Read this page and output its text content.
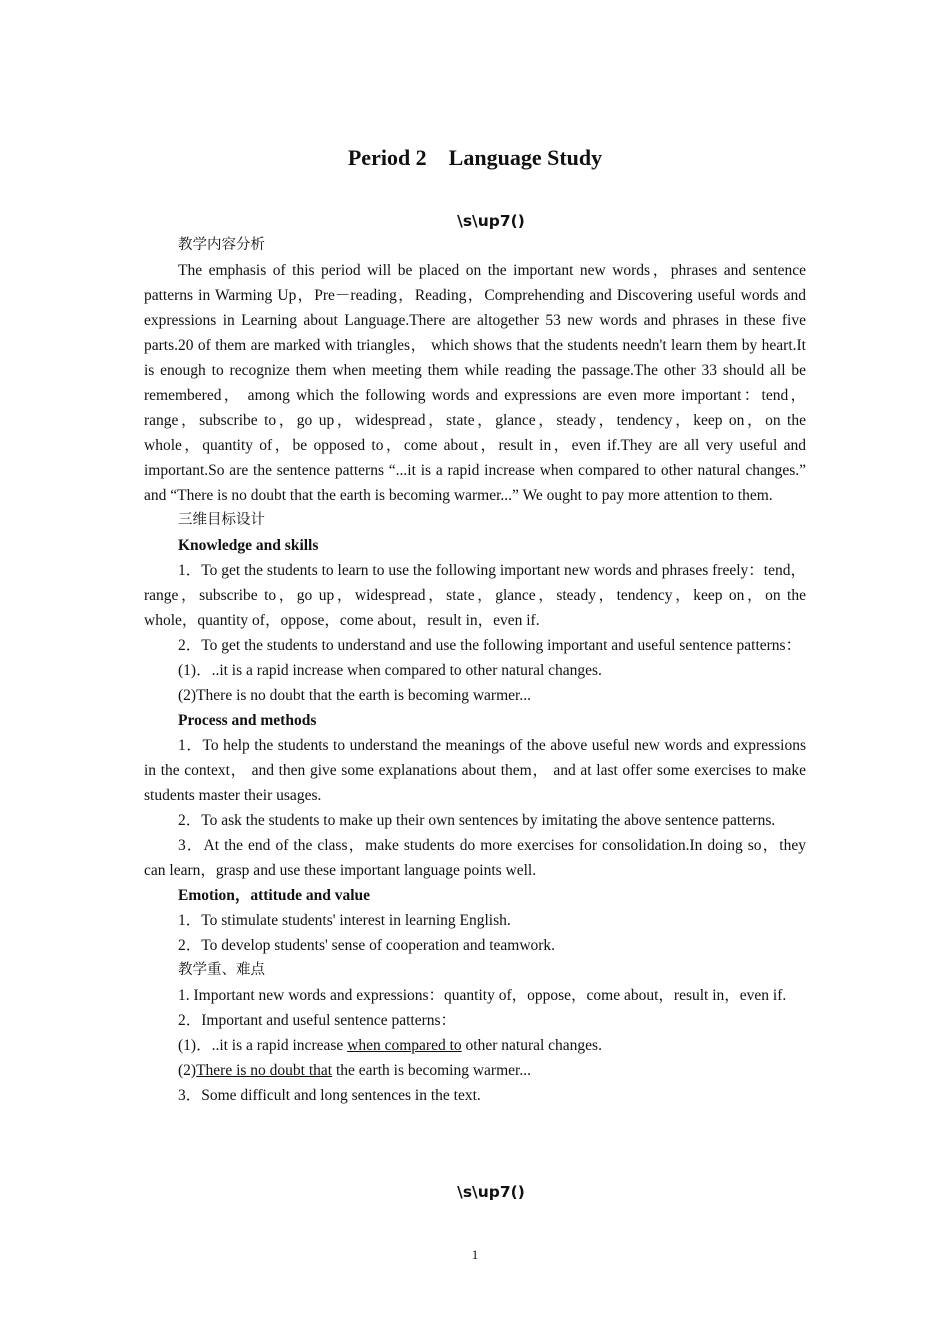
Period 2　Language Study
\s\up7()

教学内容分析

The emphasis of this period will be placed on the important new words，phrases and sentence patterns in Warming Up，Pre－reading，Reading，Comprehending and Discovering useful words and expressions in Learning about Language.There are altogether 53 new words and phrases in these five parts.20 of them are marked with triangles， which shows that the students needn't learn them by heart.It is enough to recognize them when meeting them while reading the passage.The other 33 should all be remembered， among which the following words and expressions are even more important：tend，range，subscribe to，go up，widespread，state，glance，steady，tendency，keep on，on the whole，quantity of，be opposed to，come about，result in，even if.They are all very useful and important.So are the sentence patterns “...it is a rapid increase when compared to other natural changes.” and “There is no doubt that the earth is becoming warmer...” We ought to pay more attention to them.

三维目标设计

Knowledge and skills

1．To get the students to learn to use the following important new words and phrases freely：tend，range，subscribe to，go up，widespread，state，glance，steady，tendency，keep on，on the whole，quantity of，oppose，come about，result in，even if.

2．To get the students to understand and use the following important and useful sentence patterns：

(1)．..it is a rapid increase when compared to other natural changes.

(2)There is no doubt that the earth is becoming warmer...

Process and methods

1．To help the students to understand the meanings of the above useful new words and expressions in the context， and then give some explanations about them， and at last offer some exercises to make students master their usages.

2．To ask the students to make up their own sentences by imitating the above sentence patterns.

3．At the end of the class，make students do more exercises for consolidation.In doing so，they can learn，grasp and use these important language points well.

Emotion，attitude and value

1．To stimulate students' interest in learning English.

2．To develop students' sense of cooperation and teamwork.

教学重、难点

1. Important new words and expressions：quantity of，oppose，come about，result in，even if.

2．Important and useful sentence patterns：

(1)．..it is a rapid increase when compared to other natural changes.

(2)There is no doubt that the earth is becoming warmer...

3．Some difficult and long sentences in the text.

\s\up7()
1
